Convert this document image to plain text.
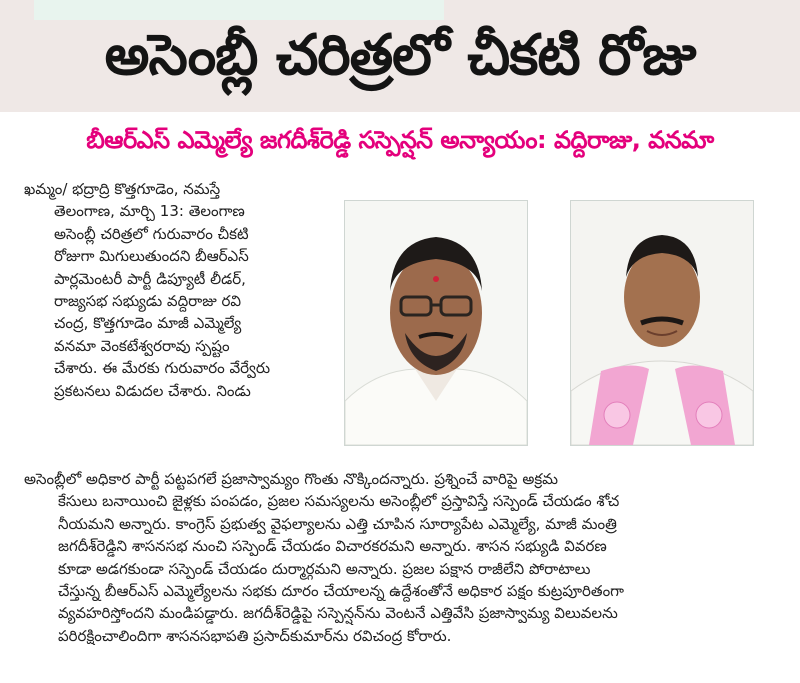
అసెంబ్లీ చరిత్రలో చీకటి రోజు
బీఆర్ఎస్ ఎమ్మెల్యే జగదీశ్‌రెడ్డి సస్పెన్షన్ అన్యాయం: వద్దిరాజు, వనమా

ఖమ్మం/ భద్రాద్రి కొత్తగూడెం, నమస్తే

తెలంగాణ, మార్చి 13: తెలంగాణ

అసెంబ్లీ చరిత్రలో గురువారం చీకటి

రోజుగా మిగులుతుందని బీఆర్ఎస్

పార్లమెంటరీ పార్టీ డిప్యూటీ లీడర్,

రాజ్యసభ సభ్యుడు వద్దిరాజు రవి

చంద్ర, కొత్తగూడెం మాజీ ఎమ్మెల్యే

వనమా వెంకటేశ్వరరావు స్పష్టం

చేశారు. ఈ మేరకు గురువారం వేర్వేరు

ప్రకటనలు విడుదల చేశారు. నిండు

అసెంబ్లీలో అధికార పార్టీ పట్టపగలే ప్రజాస్వామ్యం గొంతు నొక్కిందన్నారు. ప్రశ్నించే వారిపై అక్రమ

కేసులు బనాయించి జైళ్లకు పంపడం, ప్రజల సమస్యలను అసెంబ్లీలో ప్రస్తావిస్తే సస్పెండ్ చేయడం శోచ

నీయమని అన్నారు. కాంగ్రెస్ ప్రభుత్వ వైఫల్యాలను ఎత్తి చూపిన సూర్యాపేట ఎమ్మెల్యే, మాజీ మంత్రి

జగదీశ్‌రెడ్డిని శాసనసభ నుంచి సస్పెండ్ చేయడం విచారకరమని అన్నారు. శాసన సభ్యుడి వివరణ

కూడా అడగకుండా సస్పెండ్ చేయడం దుర్మార్గమని అన్నారు. ప్రజల పక్షాన రాజీలేని పోరాటాలు

చేస్తున్న బీఆర్ఎస్ ఎమ్మెల్యేలను సభకు దూరం చేయాలన్న ఉద్దేశంతోనే అధికార పక్షం కుట్రపూరితంగా

వ్యవహరిస్తోందని మండిపడ్డారు. జగదీశ్‌రెడ్డిపై సస్పెన్షన్‌ను వెంటనే ఎత్తివేసి ప్రజాస్వామ్య విలువలను

పరిరక్షించాలిందిగా శాసనసభాపతి ప్రసాద్‌కుమార్‌ను రవిచంద్ర కోరారు.
